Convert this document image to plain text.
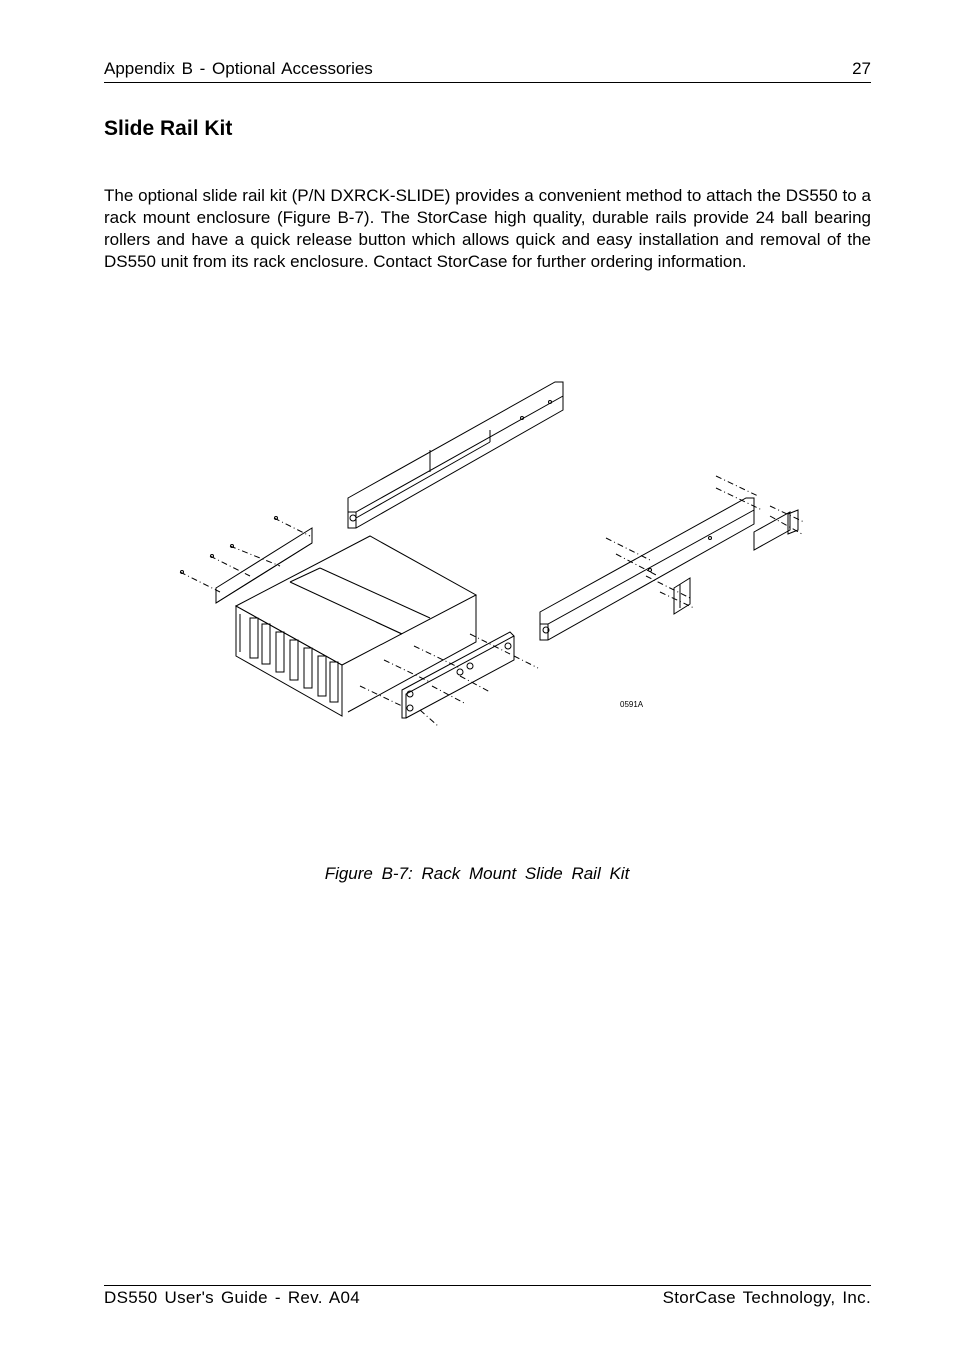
Appendix B - Optional Accessories	27
Slide Rail Kit

The optional slide rail kit (P/N DXRCK-SLIDE) provides a convenient method to attach the DS550 to a rack mount enclosure (Figure B-7). The StorCase high quality, durable rails provide 24 ball bearing rollers and have a quick release button which allows quick and easy installation and removal of the DS550 unit from its rack enclosure. Contact StorCase for further ordering information.

0591A
Figure B-7: Rack Mount Slide Rail Kit
DS550 User's Guide - Rev. A04	StorCase Technology, Inc.
